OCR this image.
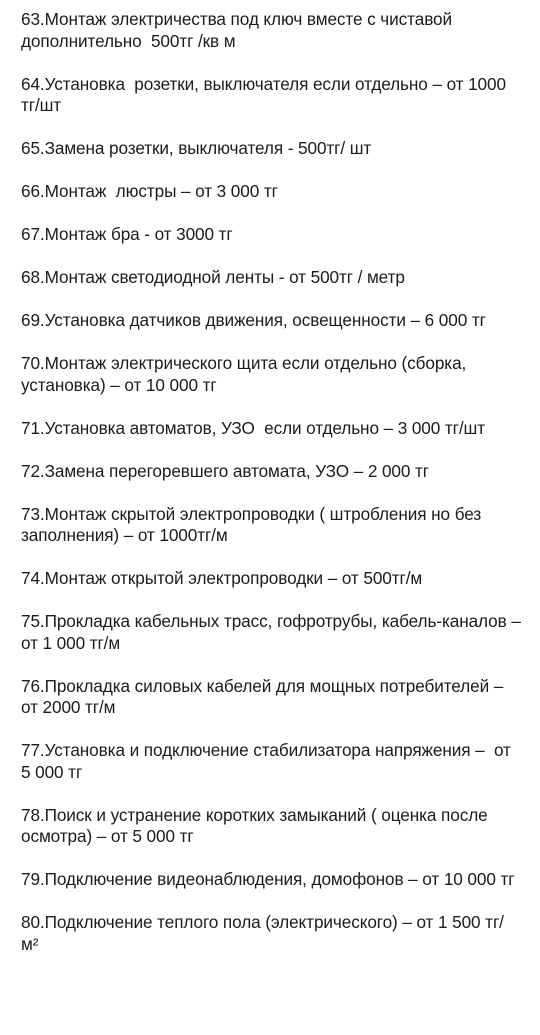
63.Монтаж электричества под ключ вместе с чиставой дополнительно  500тг /кв м

64.Установка  розетки, выключателя если отдельно – от 1000 тг/шт

65.Замена розетки, выключателя - 500тг/ шт

66.Монтаж  люстры – от 3 000 тг

67.Монтаж бра - от 3000 тг

68.Монтаж светодиодной ленты - от 500тг / метр

69.Установка датчиков движения, освещенности – 6 000 тг

70.Монтаж электрического щита если отдельно (сборка, установка) – от 10 000 тг

71.Установка автоматов, УЗО  если отдельно – 3 000 тг/шт

72.Замена перегоревшего автомата, УЗО – 2 000 тг

73.Монтаж скрытой электропроводки ( штробления но без заполнения) – от 1000тг/м

74.Монтаж открытой электропроводки – от 500тг/м

75.Прокладка кабельных трасс, гофротрубы, кабель-каналов – от 1 000 тг/м

76.Прокладка силовых кабелей для мощных потребителей – от 2000 тг/м

77.Установка и подключение стабилизатора напряжения –  от 5 000 тг

78.Поиск и устранение коротких замыканий ( оценка после осмотра) – от 5 000 тг

79.Подключение видеонаблюдения, домофонов – от 10 000 тг

80.Подключение теплого пола (электрического) – от 1 500 тг/м²
